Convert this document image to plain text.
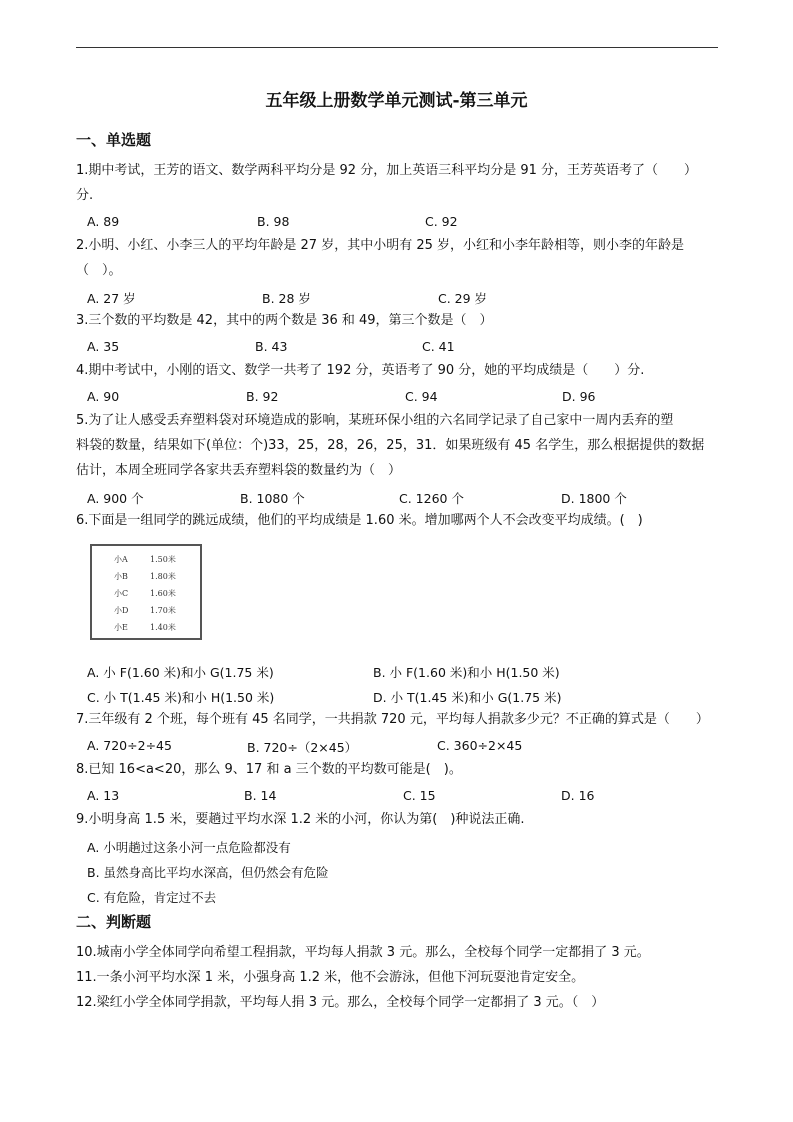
五年级上册数学单元测试-第三单元
一、单选题
1.期中考试，王芳的语文、数学两科平均分是 92 分，加上英语三科平均分是 91 分，王芳英语考了（　　）
分.
A. 89	B. 98	C. 92
2.小明、小红、小李三人的平均年龄是 27 岁，其中小明有 25 岁，小红和小李年龄相等，则小李的年龄是
（　）。
A. 27 岁	B. 28 岁	C. 29 岁
3.三个数的平均数是 42，其中的两个数是 36 和 49，第三个数是（　）
A. 35	B. 43	C. 41
4.期中考试中，小刚的语文、数学一共考了 192 分，英语考了 90 分，她的平均成绩是（　　）分.
A. 90	B. 92	C. 94	D. 96
5.为了让人感受丢弃塑料袋对环境造成的影响，某班环保小组的六名同学记录了自己家中一周内丢弃的塑
料袋的数量，结果如下(单位：个)33，25，28，26，25，31．如果班级有 45 名学生，那么根据提供的数据
估计，本周全班同学各家共丢弃塑料袋的数量约为（　）
A. 900 个	B. 1080 个	C. 1260 个	D. 1800 个
6.下面是一组同学的跳远成绩，他们的平均成绩是 1.60 米。增加哪两个人不会改变平均成绩。(　)
小A	1.50米
小B	1.80米
小C	1.60米
小D	1.70米
小E	1.40米
A. 小 F(1.60 米)和小 G(1.75 米)	B. 小 F(1.60 米)和小 H(1.50 米)
C. 小 T(1.45 米)和小 H(1.50 米)	D. 小 T(1.45 米)和小 G(1.75 米)
7.三年级有 2 个班，每个班有 45 名同学，一共捐款 720 元，平均每人捐款多少元？不正确的算式是（　　）
A. 720÷2÷45	B. 720÷（2×45）	C. 360÷2×45
8.已知 16<a<20，那么 9、17 和 a 三个数的平均数可能是(　)。
A. 13	B. 14	C. 15	D. 16
9.小明身高 1.5 米，要趟过平均水深 1.2 米的小河，你认为第(　)种说法正确.
A. 小明趟过这条小河一点危险都没有
B. 虽然身高比平均水深高，但仍然会有危险
C. 有危险，肯定过不去
二、判断题
10.城南小学全体同学向希望工程捐款，平均每人捐款 3 元。那么，全校每个同学一定都捐了 3 元。
11.一条小河平均水深 1 米，小强身高 1.2 米，他不会游泳，但他下河玩耍池肯定安全。
12.梁红小学全体同学捐款，平均每人捐 3 元。那么，全校每个同学一定都捐了 3 元。（　）
